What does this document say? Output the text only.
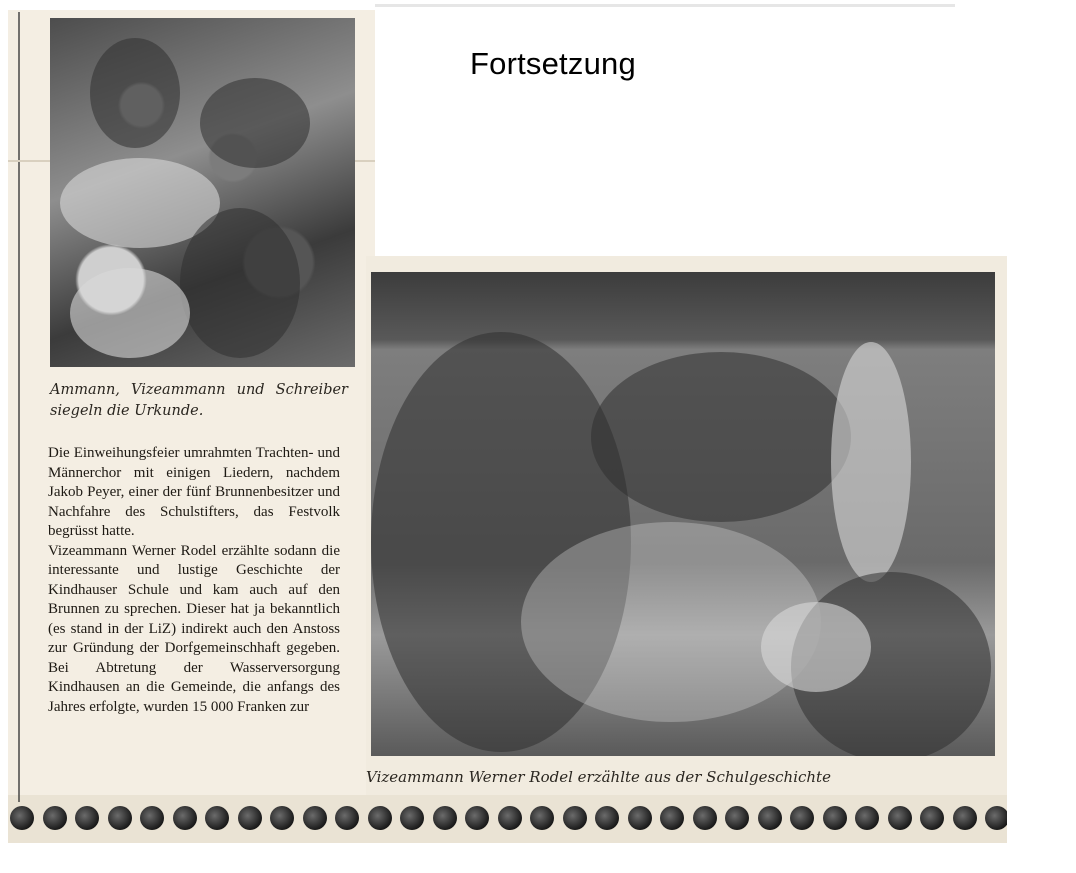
Fortsetzung
Ammann, Vizeammann und Schreiber siegeln die Urkunde.

Die Einweihungsfeier umrahmten Trachten- und Männerchor mit einigen Liedern, nachdem Jakob Peyer, einer der fünf Brunnenbesitzer und Nachfahre des Schulstifters, das Festvolk begrüsst hatte.

Vizeammann Werner Rodel erzählte sodann die interessante und lustige Geschichte der Kindhauser Schule und kam auch auf den Brunnen zu sprechen. Dieser hat ja bekanntlich (es stand in der LiZ) indirekt auch den Anstoss zur Gründung der Dorfgemeinschhaft gegeben. Bei Abtretung der Wasserversorgung Kindhausen an die Gemeinde, die anfangs des Jahres erfolgte, wurden 15 000 Franken zur

Vizeammann Werner Rodel erzählte aus der Schulgeschichte
